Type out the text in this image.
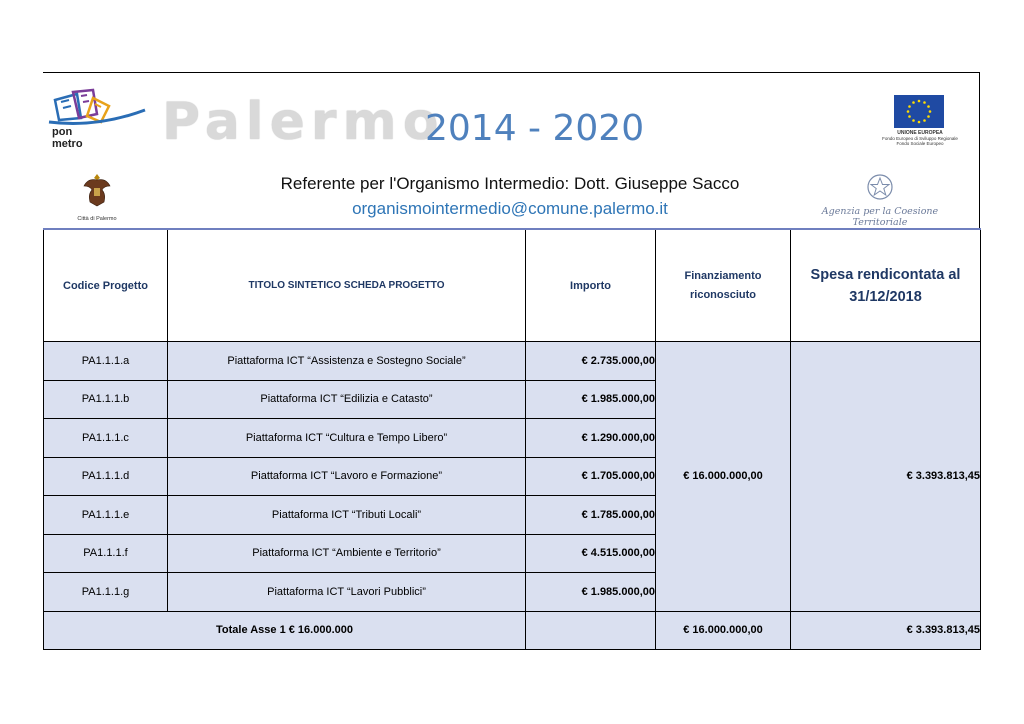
pon
metro Palermo
2014 - 2020	UNIONE EUROPEA
Fondo Europeo di Sviluppo Regionale
Fondo Sociale Europeo
Città di Palermo
Agenzia per la Coesione Territoriale
Referente per l'Organismo Intermedio: Dott. Giuseppe Sacco
organismointermedio@comune.palermo.it
Codice Progetto	TITOLO SINTETICO SCHEDA PROGETTO	Importo	Finanziamento riconosciuto	Spesa rendicontata al 31/12/2018
PA1.1.1.a	Piattaforma ICT “Assistenza e Sostegno Sociale”	€ 2.735.000,00	€ 16.000.000,00	€ 3.393.813,45
PA1.1.1.b	Piattaforma ICT “Edilizia e Catasto”	€ 1.985.000,00		
PA1.1.1.c	Piattaforma ICT “Cultura e Tempo Libero”	€ 1.290.000,00		
PA1.1.1.d	Piattaforma ICT “Lavoro e Formazione”	€ 1.705.000,00		
PA1.1.1.e	Piattaforma ICT “Tributi Locali”	€ 1.785.000,00		
PA1.1.1.f	Piattaforma ICT “Ambiente e Territorio”	€ 4.515.000,00		
PA1.1.1.g	Piattaforma ICT “Lavori Pubblici”	€ 1.985.000,00		
Totale Asse 1 € 16.000.000			€ 16.000.000,00	€ 3.393.813,45
